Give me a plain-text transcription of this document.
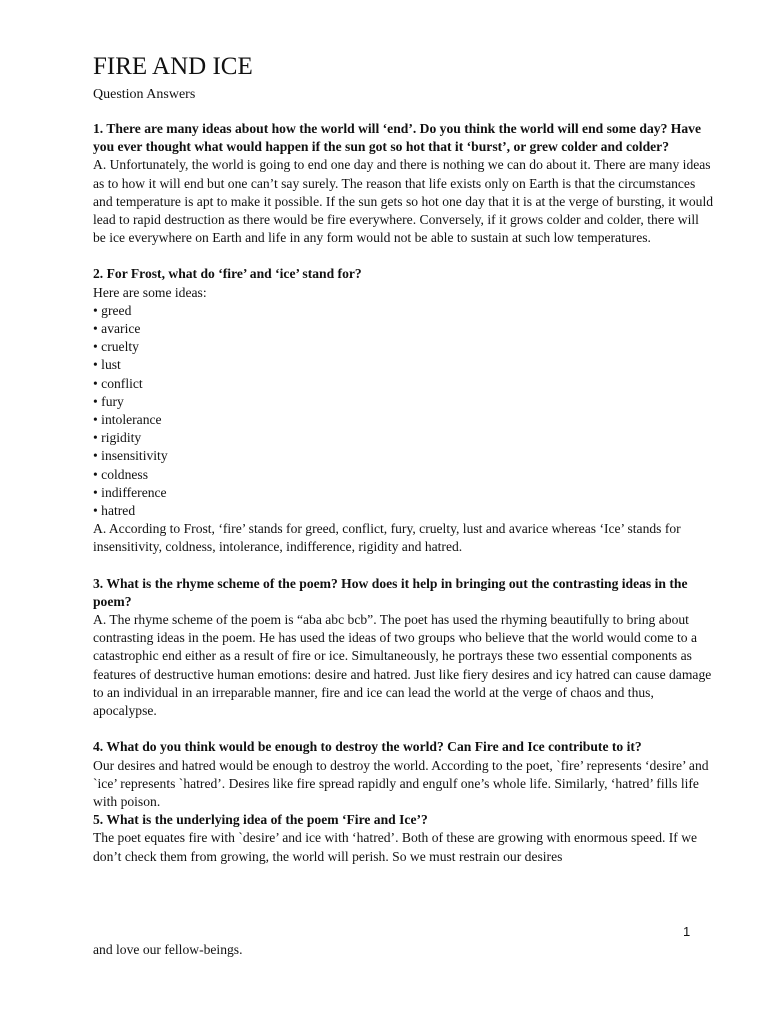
FIRE AND ICE

Question Answers

1. There are many ideas about how the world will ‘end’. Do you think the world will end some day? Have you ever thought what would happen if the sun got so hot that it ‘burst’, or grew colder and colder?

A. Unfortunately, the world is going to end one day and there is nothing we can do about it. There are many ideas as to how it will end but one can’t say surely. The reason that life exists only on Earth is that the circumstances and temperature is apt to make it possible. If the sun gets so hot one day that it is at the verge of bursting, it would lead to rapid destruction as there would be fire everywhere. Conversely, if it grows colder and colder, there will be ice everywhere on Earth and life in any form would not be able to sustain at such low temperatures.

2. For Frost, what do ‘fire’ and ‘ice’ stand for?

Here are some ideas:

• greed
• avarice
• cruelty
• lust
• conflict
• fury
• intolerance
• rigidity
• insensitivity
• coldness
• indifference
• hatred

A. According to Frost, ‘fire’ stands for greed, conflict, fury, cruelty, lust and avarice whereas ‘Ice’ stands for insensitivity, coldness, intolerance, indifference, rigidity and hatred.

3. What is the rhyme scheme of the poem? How does it help in bringing out the contrasting ideas in the poem?

A. The rhyme scheme of the poem is “aba abc bcb”. The poet has used the rhyming beautifully to bring about contrasting ideas in the poem. He has used the ideas of two groups who believe that the world would come to a catastrophic end either as a result of fire or ice. Simultaneously, he portrays these two essential components as features of destructive human emotions: desire and hatred. Just like fiery desires and icy hatred can cause damage to an individual in an irreparable manner, fire and ice can lead the world at the verge of chaos and thus, apocalypse.

4. What do you think would be enough to destroy the world? Can Fire and Ice contribute to it?

Our desires and hatred would be enough to destroy the world. According to the poet, `fire’ represents ‘desire’ and `ice’ represents `hatred’. Desires like fire spread rapidly and engulf one’s whole life. Similarly, ‘hatred’ fills life with poison.

5. What is the underlying idea of the poem ‘Fire and Ice’?

The poet equates fire with `desire’ and ice with ‘hatred’. Both of these are growing with enormous speed. If we don’t check them from growing, the world will perish. So we must restrain our desires

1
and love our fellow-beings.
